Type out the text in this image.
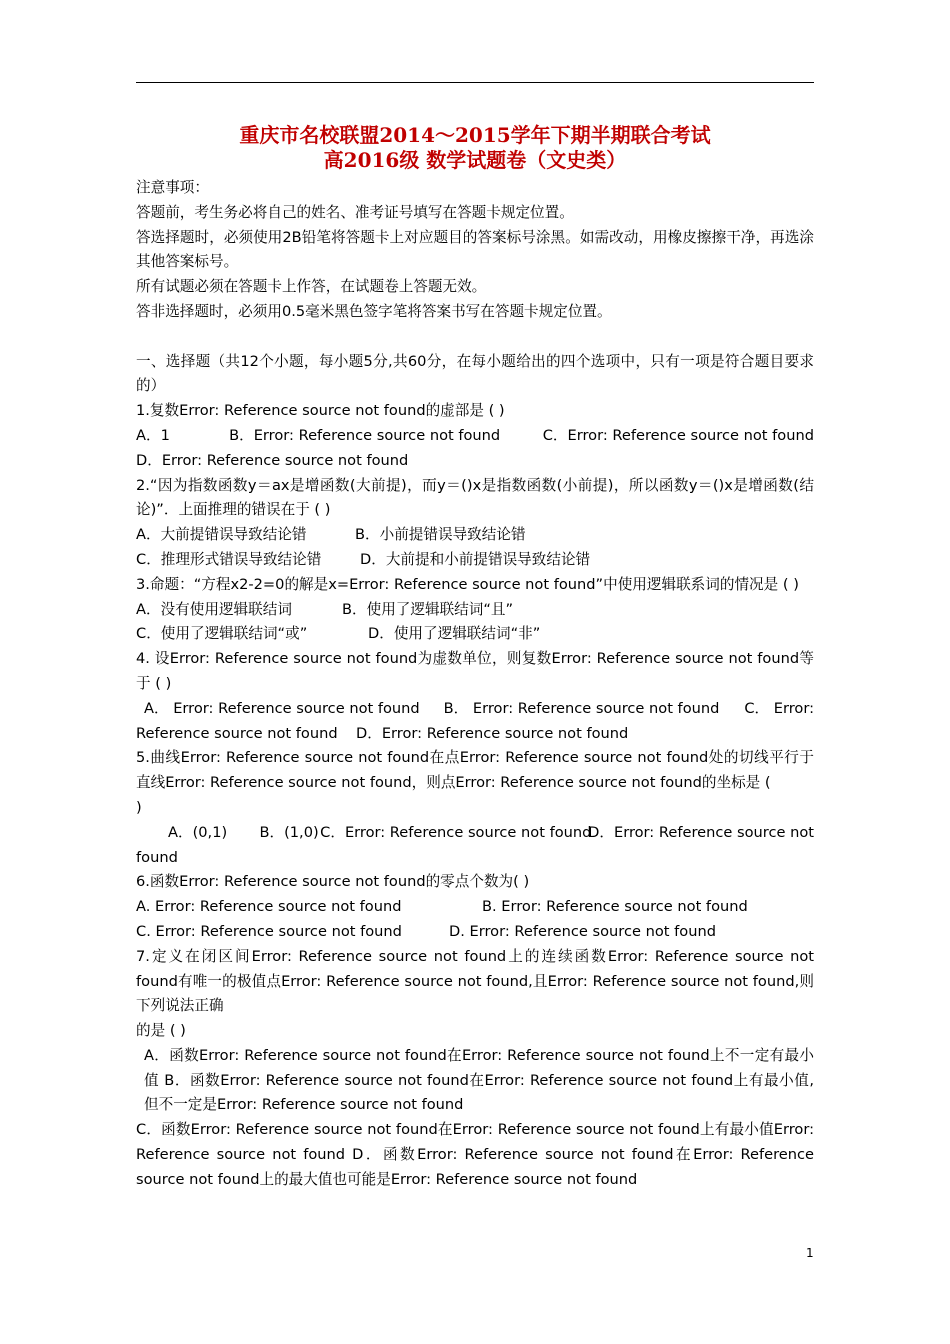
重庆市名校联盟2014～2015学年下期半期联合考试
高2016级 数学试题卷（文史类）

注意事项：

答题前，考生务必将自己的姓名、准考证号填写在答题卡规定位置。

答选择题时，必须使用2B铅笔将答题卡上对应题目的答案标号涂黑。如需改动，用橡皮擦擦干净，再选涂其他答案标号。

所有试题必须在答题卡上作答，在试题卷上答题无效。

答非选择题时，必须用0.5毫米黑色签字笔将答案书写在答题卡规定位置。

一、选择题（共12个小题，每小题5分,共60分，在每小题给出的四个选项中，只有一项是符合题目要求的）

1.复数Error: Reference source not found的虚部是 ( )

A．1	B．Error: Reference source not found	C．Error: Reference source not found

D．Error: Reference source not found

2.“因为指数函数y＝ax是增函数(大前提)，而y＝()x是指数函数(小前提)，所以函数y＝()x是增函数(结论)”．上面推理的错误在于 ( )

A．大前提错误导致结论错	B．小前提错误导致结论错
C．推理形式错误导致结论错	D．大前提和小前提错误导致结论错

3.命题：“方程x2-2=0的解是x=Error: Reference source not found”中使用逻辑联系词的情况是 ( )

A．没有使用逻辑联结词	B．使用了逻辑联结词“且”
C．使用了逻辑联结词“或”	D．使用了逻辑联结词“非”

4. 设Error: Reference source not found为虚数单位，则复数Error: Reference source not found等于 ( )

A． Error: Reference source not found	B． Error: Reference source not found	C． Error:
Reference source not found	D．Error: Reference source not found

5.曲线Error: Reference source not found在点Error: Reference source not found处的切线平行于直线Error: Reference source not found，则点Error: Reference source not found的坐标是 (

)

A．(0,1)	B．(1,0) C．Error: Reference source not found
D．Error: Reference source not

found

6.函数Error: Reference source not found的零点个数为( )

A. Error: Reference source not found	B. Error: Reference source not found
C. Error: Reference source not found	D. Error: Reference source not found

7.定义在闭区间Error: Reference source not found上的连续函数Error: Reference source not found有唯一的极值点Error: Reference source not found,且Error: Reference source not found,则下列说法正确

的是 ( )

A．函数Error: Reference source not found在Error: Reference source not found上不一定有最小值 B．函数Error: Reference source not found在Error: Reference source not found上有最小值,但不一定是Error: Reference source not found

C．函数Error: Reference source not found在Error: Reference source not found上有最小值Error: Reference source not found D．函数Error: Reference source not found在Error: Reference source not found上的最大值也可能是Error: Reference source not found

1
